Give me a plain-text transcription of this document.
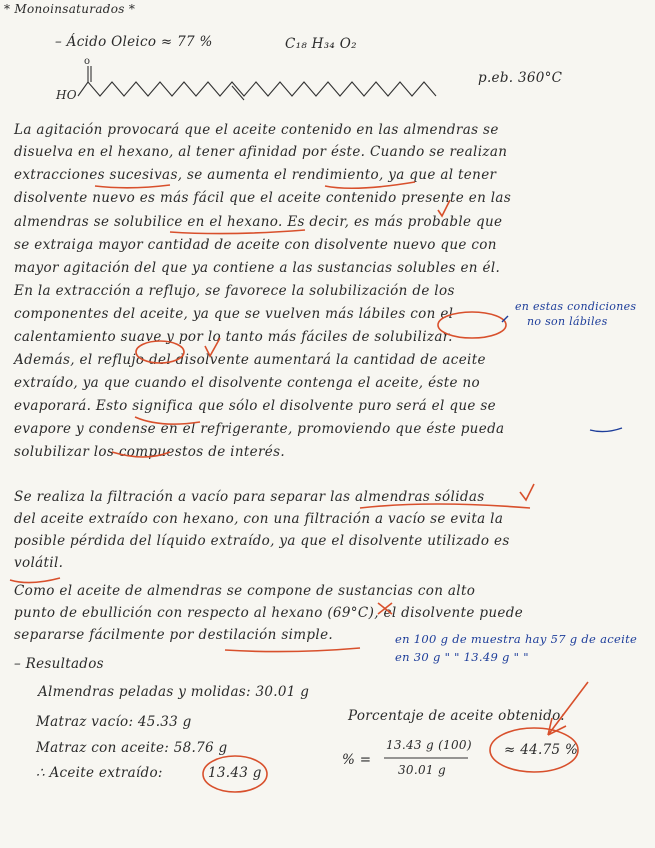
* Monoinsaturados *
– Ácido Oleico ≈ 77 %	C₁₈ H₃₄ O₂
HO
p.eb. 360°C
La agitación provocará que el aceite contenido en las almendras se
disuelva en el hexano, al tener afinidad por éste. Cuando se realizan
extracciones sucesivas, se aumenta el rendimiento, ya que al tener
disolvente nuevo es más fácil que el aceite contenido presente en las
almendras se solubilice en el hexano. Es decir, es más probable que
se extraiga mayor cantidad de aceite con disolvente nuevo que con
mayor agitación del que ya contiene a las sustancias solubles en él.
En la extracción a reflujo, se favorece la solubilización de los
componentes del aceite, ya que se vuelven más lábiles con el
calentamiento suave y por lo tanto más fáciles de solubilizar.
Además, el reflujo del disolvente aumentará la cantidad de aceite
extraído, ya que cuando el disolvente contenga el aceite, éste no
evaporará. Esto significa que sólo el disolvente puro será el que se
evapore y condense en el refrigerante, promoviendo que éste pueda
solubilizar los compuestos de interés.
Se realiza la filtración a vacío para separar las almendras sólidas
del aceite extraído con hexano, con una filtración a vacío se evita la
posible pérdida del líquido extraído, ya que el disolvente utilizado es
volátil.
Como el aceite de almendras se compone de sustancias con alto
punto de ebullición con respecto al hexano (69°C), el disolvente puede
separarse fácilmente por destilación simple.
en estas condiciones
no son lábiles
en 100 g de muestra hay 57 g de aceite
en 30 g " " 13.49 g " "
– Resultados
Almendras peladas y molidas: 30.01 g
Matraz vacío: 45.33 g
Matraz con aceite: 58.76 g
∴ Aceite extraído:	13.43 g
Porcentaje de aceite obtenido:
% =
13.43 g (100)
30.01 g
≈ 44.75 %
o
